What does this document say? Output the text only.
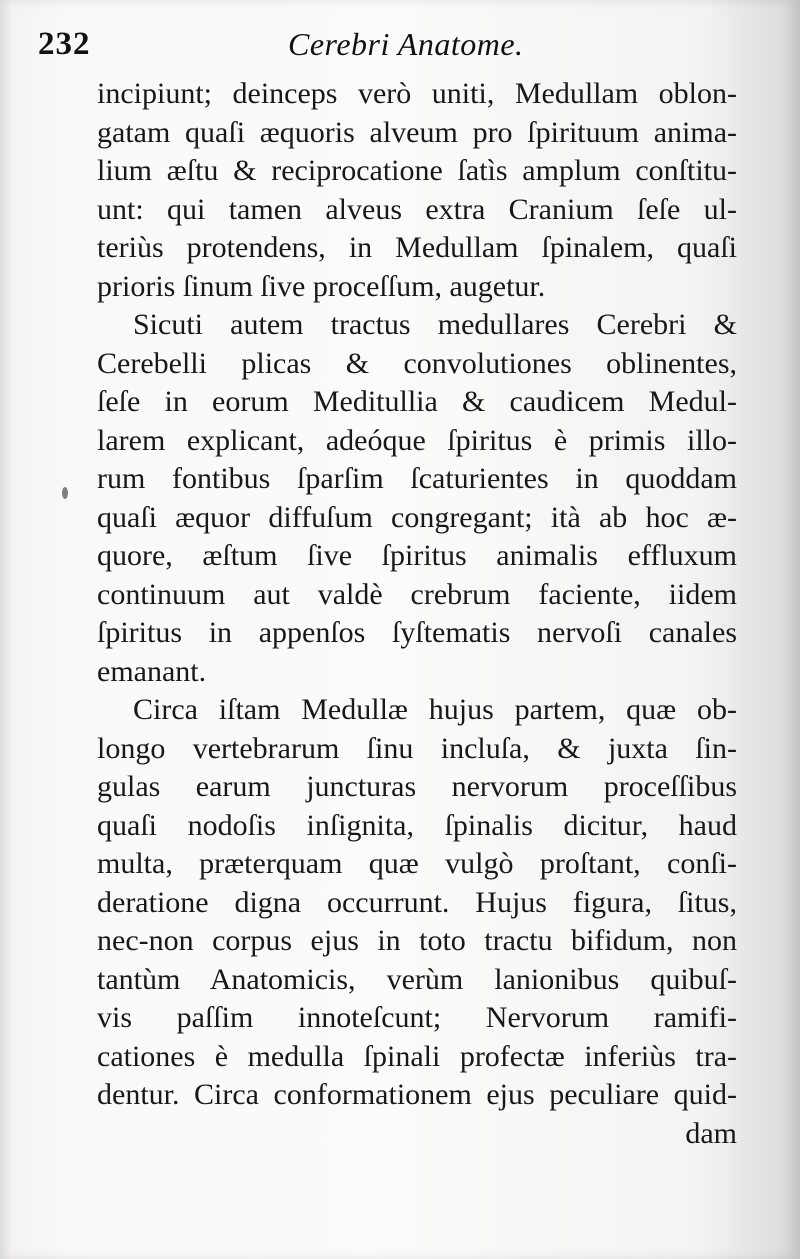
232	Cerebri Anatome.
incipiunt; deinceps verò uniti, Medullam oblon-
gatam quaſi æquoris alveum pro ſpirituum anima-
lium æſtu & reciprocatione ſatìs amplum conſtitu-
unt: qui tamen alveus extra Cranium ſeſe ul-
teriùs protendens, in Medullam ſpinalem, quaſi
prioris ſinum ſive proceſſum, augetur.
Sicuti autem tractus medullares Cerebri &
Cerebelli plicas & convolutiones oblinentes,
ſeſe in eorum Meditullia & caudicem Medul-
larem explicant, adeóque ſpiritus è primis illo-
rum fontibus ſparſim ſcaturientes in quoddam
quaſi æquor diffuſum congregant; ità ab hoc æ-
quore, æſtum ſive ſpiritus animalis effluxum
continuum aut valdè crebrum faciente, iidem
ſpiritus in appenſos ſyſtematis nervoſi canales
emanant.
Circa iſtam Medullæ hujus partem, quæ ob-
longo vertebrarum ſinu incluſa, & juxta ſin-
gulas earum juncturas nervorum proceſſibus
quaſi nodoſis inſignita, ſpinalis dicitur, haud
multa, præterquam quæ vulgò proſtant, conſi-
deratione digna occurrunt. Hujus figura, ſitus,
nec-non corpus ejus in toto tractu bifidum, non
tantùm Anatomicis, verùm lanionibus quibuſ-
vis paſſim innoteſcunt; Nervorum ramifi-
cationes è medulla ſpinali profectæ inferiùs tra-
dentur. Circa conformationem ejus peculiare quid-
dam
